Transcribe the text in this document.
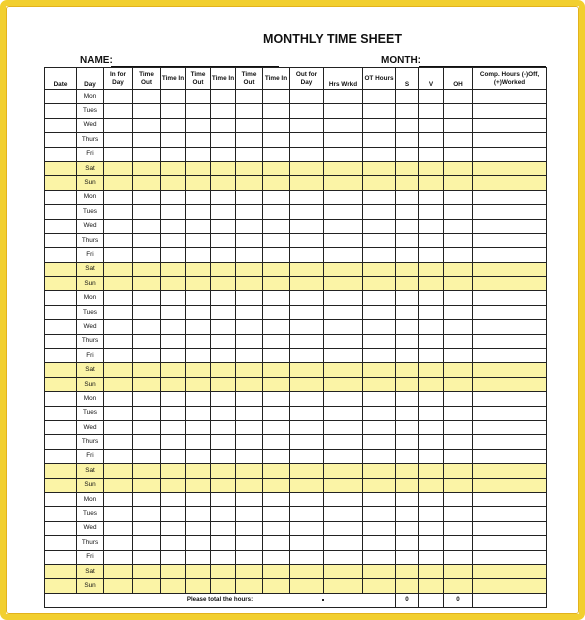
MONTHLY TIME SHEET
NAME:	MONTH:
Date	Day	In for Day	Time Out	Time In	Time Out	Time In	Time Out	Time In	Out for Day	Hrs Wrkd	OT Hours	S	V	OH	Comp. Hours (-)Off, (+)Worked
	Mon														
	Tues														
	Wed														
	Thurs														
	Fri														
	Sat														
	Sun														
	Mon														
	Tues														
	Wed														
	Thurs														
	Fri														
	Sat														
	Sun														
	Mon														
	Tues														
	Wed														
	Thurs														
	Fri														
	Sat														
	Sun														
	Mon														
	Tues														
	Wed														
	Thurs														
	Fri														
	Sat														
	Sun														
	Mon														
	Tues														
	Wed														
	Thurs														
	Fri														
	Sat														
	Sun														
Please total the hours:												0		0	
